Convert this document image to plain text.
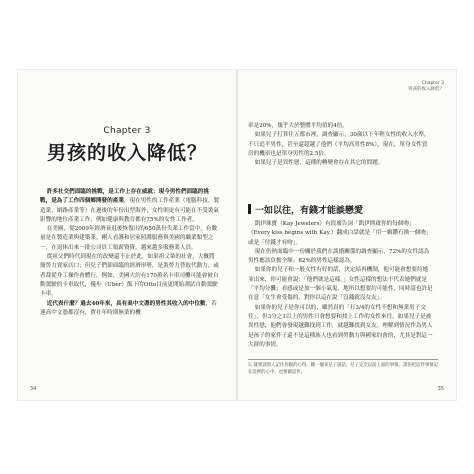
Chapter 3
男孩的收入降低？

許多社交們面臨的挑戰，是工作上存在威就：現今男性們面臨的挑戰，是為了工作四個鄉開發的產業，現在男性的工作產業（電腦科技、製造業、網路產業等）在遲後的年份出型海外；女性則更有可能在不受裝氣影響的地位產業工作，例如健康與教育都有75%的女性工作者。

在美國，從2009年經濟衰退後恢復出的650萬份失業工作當中，有數量是在製造業與建築業，剛人看護和居家照護服務與美國的職業類型之一，在退休出來一批公司員工領薪資資，越來越多服務業人員。

從祖父們時代到現在的改變還不止於此，如果祖父輩的社會，大概將簡勞力賣家店口；但兒子們卻面臨的經濟形勢，是裝勞力替取代動力，或者裁從身工操作會體行，例如，美國大約有170萬名卡車司機可能會被自動駕駛的卡車取代，優步（Uber）飯下的Otto目前更開始測試自動駕駛卡車。

近代表什麼？過去40年來，具有高中文憑的男性其收入的中位數，若連高中文憑都沒有，費社年時期無業的機

34
Chapter 3
男孩的收入降低？

率是20%，幾乎大於整體平均值的4倍。

如果兒子打算往五都市裡，調查顯示，30歲以下年輕女性的收入水準，不只追平男性，甚至還超越了他們（平均高男性8%）。現在，單身女性買房的機率也是單身男性的2.5倍。

如果兒子是異性戀，這種的轉變會存在其它的問題。

一如以往，有錢才能談戀愛

凱伊珠寶（Kay Jewelers）有段廣告詞「凱伊開啟你的每個吻」（Every kiss begins with Kay.）翻成白話就是「用一顆鑽石換一個吻」或是「付錢才有吻」。

現在仍熱面臨中一份關於我們在談婚關係的調查顯示，72%的女性認為男性應該負擔全額；82%的男性這樣認為。

如果你的兒子和一般女性有好的話，決定結再機制，他可能會想要約她並出來，你可能會說：「他們就是這樣。」女性這樣的想法不代表她們就是「平均分攤」看感或是加一個小氣鬼，地所以想要約可能性，同時請也許是在意「女生會受傷的、對你以這在說「沒錢就沒女友」。

如果你的兒子是你可以的，雖然真的「打3/4的女性不想和無業男子交往」，但3分之1以上的男性只會想要和找上工作的女性來往。如果兒子是被異性戀，他們會發現越難找到工作，就越難找到女友。理解到情況作為男人是孩子的家件子還不是這種族人也看到勞動力與國家約會的，尤其是對這一大群的事情。

3. 就要請別人記住你跟的心得，關一個來兒子說話，兒子完全以前上面的事情，請你把這件事情記在這裡的心中，也要做這件。
35
